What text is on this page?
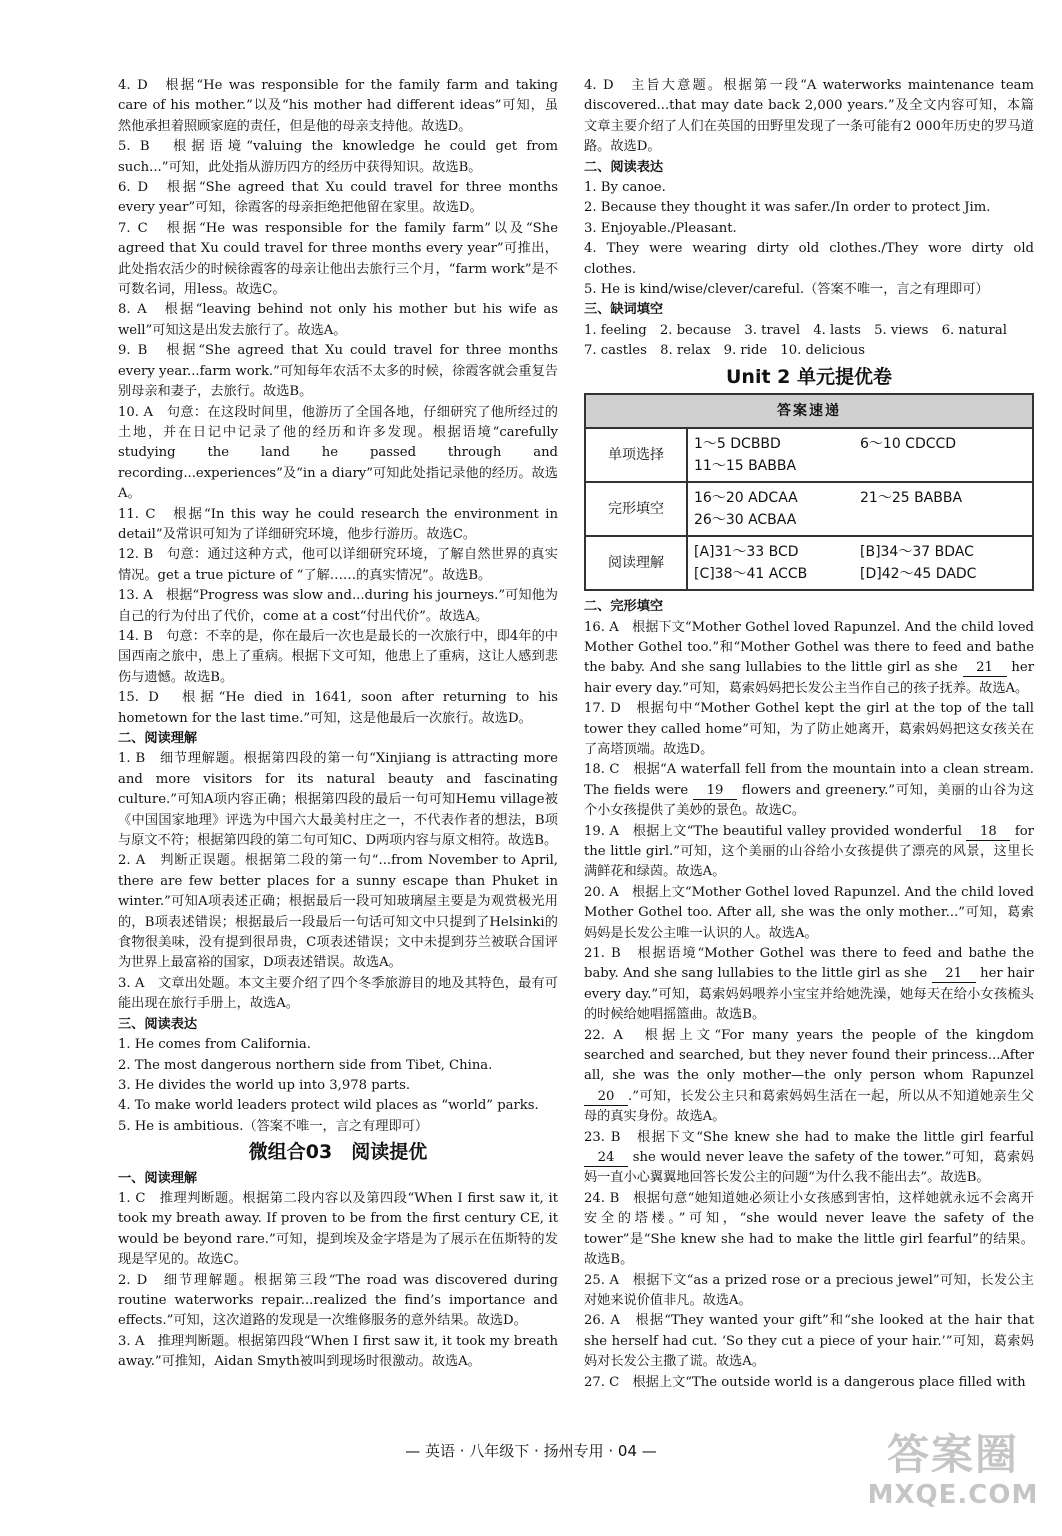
4. D　根据“He was responsible for the family farm and taking care of his mother.”以及“his mother had different ideas”可知，虽然他承担着照顾家庭的责任，但是他的母亲支持他。故选D。

5. B　根据语境“valuing the knowledge he could get from such...”可知，此处指从游历四方的经历中获得知识。故选B。

6. D　根据“She agreed that Xu could travel for three months every year”可知，徐霞客的母亲拒绝把他留在家里。故选D。

7. C　根据“He was responsible for the family farm”以及“She agreed that Xu could travel for three months every year”可推出，此处指农活少的时候徐霞客的母亲让他出去旅行三个月，“farm work”是不可数名词，用less。故选C。

8. A　根据“leaving behind not only his mother but his wife as well”可知这是出发去旅行了。故选A。

9. B　根据“She agreed that Xu could travel for three months every year...farm work.”可知每年农活不太多的时候，徐霞客就会重复告别母亲和妻子，去旅行。故选B。

10. A　句意：在这段时间里，他游历了全国各地，仔细研究了他所经过的土地，并在日记中记录了他的经历和许多发现。根据语境“carefully studying the land he passed through and recording...experiences”及“in a diary”可知此处指记录他的经历。故选A。

11. C　根据“In this way he could research the environment in detail”及常识可知为了详细研究环境，他步行游历。故选C。

12. B　句意：通过这种方式，他可以详细研究环境，了解自然世界的真实情况。get a true picture of “了解……的真实情况”。故选B。

13. A　根据“Progress was slow and...during his journeys.”可知他为自己的行为付出了代价，come at a cost“付出代价”。故选A。

14. B　句意：不幸的是，你在最后一次也是最长的一次旅行中，即4年的中国西南之旅中，患上了重病。根据下文可知，他患上了重病，这让人感到悲伤与遗憾。故选B。

15. D　根据“He died in 1641, soon after returning to his hometown for the last time.”可知，这是他最后一次旅行。故选D。

二、阅读理解

1. B　细节理解题。根据第四段的第一句“Xinjiang is attracting more and more visitors for its natural beauty and fascinating culture.”可知A项内容正确；根据第四段的最后一句可知Hemu village被《中国国家地理》评选为中国六大最美村庄之一，不代表作者的想法，B项与原文不符；根据第四段的第二句可知C、D两项内容与原文相符。故选B。

2. A　判断正误题。根据第二段的第一句“...from November to April, there are few better places for a sunny escape than Phuket in winter.”可知A项表述正确；根据最后一段可知玻璃屋主要是为观赏极光用的，B项表述错误；根据最后一段最后一句话可知文中只提到了Helsinki的食物很美味，没有提到很昂贵，C项表述错误；文中未提到芬兰被联合国评为世界上最富裕的国家，D项表述错误。故选A。

3. A　文章出处题。本文主要介绍了四个冬季旅游目的地及其特色，最有可能出现在旅行手册上，故选A。

三、阅读表达

1. He comes from California.

2. The most dangerous northern side from Tibet, China.

3. He divides the world up into 3,978 parts.

4. To make world leaders protect wild places as “world” parks.

5. He is ambitious.（答案不唯一，言之有理即可）

微组合03　阅读提优

一、阅读理解

1. C　推理判断题。根据第二段内容以及第四段“When I first saw it, it took my breath away. If proven to be from the first century CE, it would be beyond rare.”可知，提到埃及金字塔是为了展示在伍斯特的发现是罕见的。故选C。

2. D　细节理解题。根据第三段“The road was discovered during routine waterworks repair...realized the find’s importance and effects.”可知，这次道路的发现是一次维修服务的意外结果。故选D。

3. A　推理判断题。根据第四段“When I first saw it, it took my breath away.”可推知，Aidan Smyth被叫到现场时很激动。故选A。

4. D　主旨大意题。根据第一段“A waterworks maintenance team discovered...that may date back 2,000 years.”及全文内容可知，本篇文章主要介绍了人们在英国的田野里发现了一条可能有2 000年历史的罗马道路。故选D。

二、阅读表达

1. By canoe.

2. Because they thought it was safer./In order to protect Jim.

3. Enjoyable./Pleasant.

4. They were wearing dirty old clothes./They wore dirty old clothes.

5. He is kind/wise/clever/careful.（答案不唯一，言之有理即可）

三、缺词填空

1. feeling　2. because　3. travel　4. lasts　5. views　6. natural

7. castles　8. relax　9. ride　10. delicious

Unit 2 单元提优卷
答案速递	
单项选择	1～5 DCBBD 6～10 CDCCD
11～15 BABBA

完形填空	16～20 ADCAA 21～25 BABBA
26～30 ACBAA

阅读理解	[A]31～33 BCD [B]34～37 BDAC
[C]38～41 ACCB [D]42～45 DADC

二、完形填空

16. A　根据下文“Mother Gothel loved Rapunzel. And the child loved Mother Gothel too.”和“Mother Gothel was there to feed and bathe the baby. And she sang lullabies to the little girl as she 21 her hair every day.”可知，葛索妈妈把长发公主当作自己的孩子抚养。故选A。

17. D　根据句中“Mother Gothel kept the girl at the top of the tall tower they called home”可知，为了防止她离开，葛索妈妈把这女孩关在了高塔顶端。故选D。

18. C　根据“A waterfall fell from the mountain into a clean stream. The fields were 19 flowers and greenery.”可知，美丽的山谷为这个小女孩提供了美妙的景色。故选C。

19. A　根据上文“The beautiful valley provided wonderful 18 for the little girl.”可知，这个美丽的山谷给小女孩提供了漂亮的风景，这里长满鲜花和绿茵。故选A。

20. A　根据上文“Mother Gothel loved Rapunzel. And the child loved Mother Gothel too. After all, she was the only mother...”可知，葛索妈妈是长发公主唯一认识的人。故选A。

21. B　根据语境“Mother Gothel was there to feed and bathe the baby. And she sang lullabies to the little girl as she 21 her hair every day.”可知，葛索妈妈喂养小宝宝并给她洗澡，她每天在给小女孩梳头的时候给她唱摇篮曲。故选B。

22. A　根据上文“For many years the people of the kingdom searched and searched, but they never found their princess...After all, she was the only mother—the only person whom Rapunzel 20 .”可知，长发公主只和葛索妈妈生活在一起，所以从不知道她亲生父母的真实身份。故选A。

23. B　根据下文“She knew she had to make the little girl fearful 24 she would never leave the safety of the tower.”可知，葛索妈妈一直小心翼翼地回答长发公主的问题“为什么我不能出去”。故选B。

24. B　根据句意“她知道她必须让小女孩感到害怕，这样她就永远不会离开安全的塔楼。”可知，“she would never leave the safety of the tower”是“She knew she had to make the little girl fearful”的结果。故选B。

25. A　根据下文“as a prized rose or a precious jewel”可知，长发公主对她来说价值非凡。故选A。

26. A　根据“They wanted your gift”和“she looked at the hair that she herself had cut. ‘So they cut a piece of your hair.’”可知，葛索妈妈对长发公主撒了谎。故选A。

27. C　根据上文“The outside world is a dangerous place filled with

— 英语 · 八年级下 · 扬州专用 · 04 —	答案圈
MXQE.COM
